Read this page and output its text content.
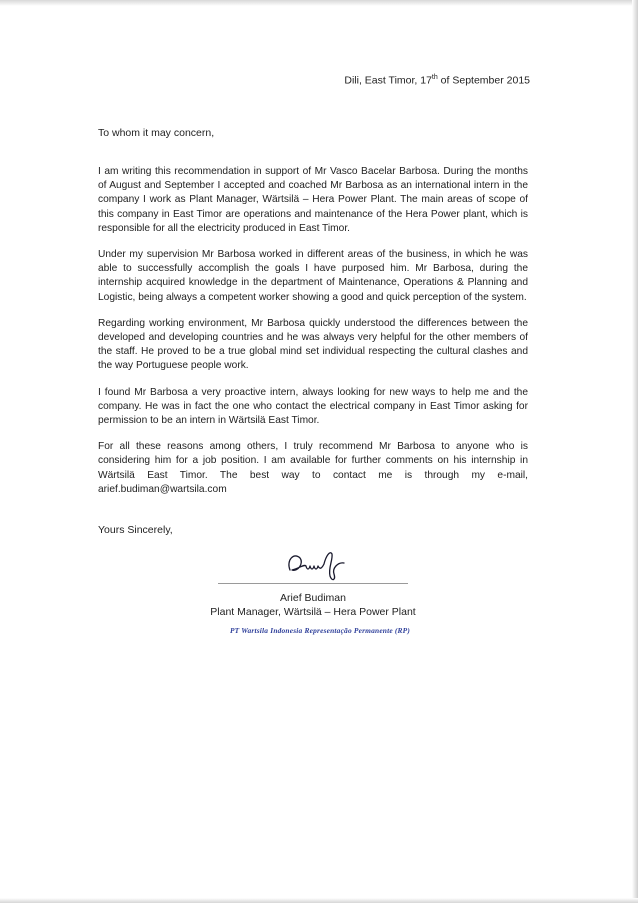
Dili, East Timor, 17th of September 2015
To whom it may concern,

I am writing this recommendation in support of Mr Vasco Bacelar Barbosa. During the months of August and September I accepted and coached Mr Barbosa as an international intern in the company I work as Plant Manager, Wärtsilä – Hera Power Plant. The main areas of scope of this company in East Timor are operations and maintenance of the Hera Power plant, which is responsible for all the electricity produced in East Timor.

Under my supervision Mr Barbosa worked in different areas of the business, in which he was able to successfully accomplish the goals I have purposed him. Mr Barbosa, during the internship acquired knowledge in the department of Maintenance, Operations & Planning and Logistic, being always a competent worker showing a good and quick perception of the system.

Regarding working environment, Mr Barbosa quickly understood the differences between the developed and developing countries and he was always very helpful for the other members of the staff. He proved to be a true global mind set individual respecting the cultural clashes and the way Portuguese people work.

I found Mr Barbosa a very proactive intern, always looking for new ways to help me and the company. He was in fact the one who contact the electrical company in East Timor asking for permission to be an intern in Wärtsilä East Timor.

For all these reasons among others, I truly recommend Mr Barbosa to anyone who is considering him for a job position. I am available for further comments on his internship in Wärtsilä East Timor. The best way to contact me is through my e-mail, arief.budiman@wartsila.com

Yours Sincerely,
Arief Budiman
Plant Manager, Wärtsilä – Hera Power Plant
PT Wartsila Indonesia Representação Permanente (RP)
